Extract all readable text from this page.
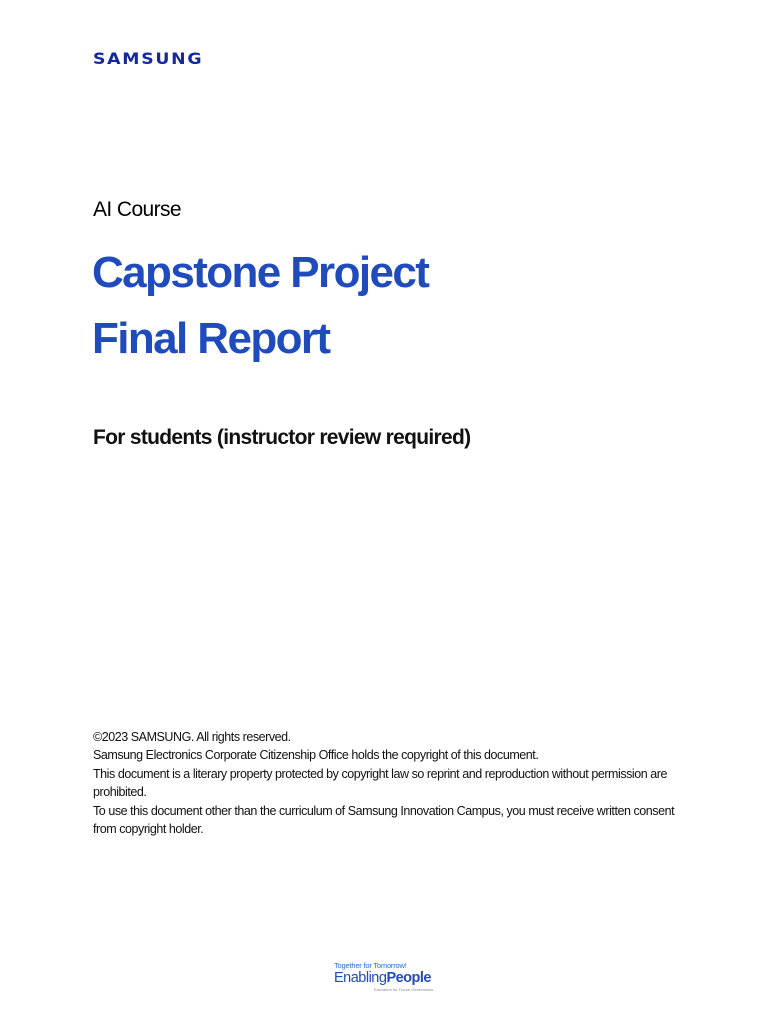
SAMSUNG
AI Course
Capstone Project
Final Report
For students (instructor review required)

©2023 SAMSUNG. All rights reserved.

Samsung Electronics Corporate Citizenship Office holds the copyright of this document.

This document is a literary property protected by copyright law so reprint and reproduction without permission are prohibited.

To use this document other than the curriculum of Samsung Innovation Campus, you must receive written consent from copyright holder.

Together for Tomorrow!
EnablingPeople
Education for Future Generations
